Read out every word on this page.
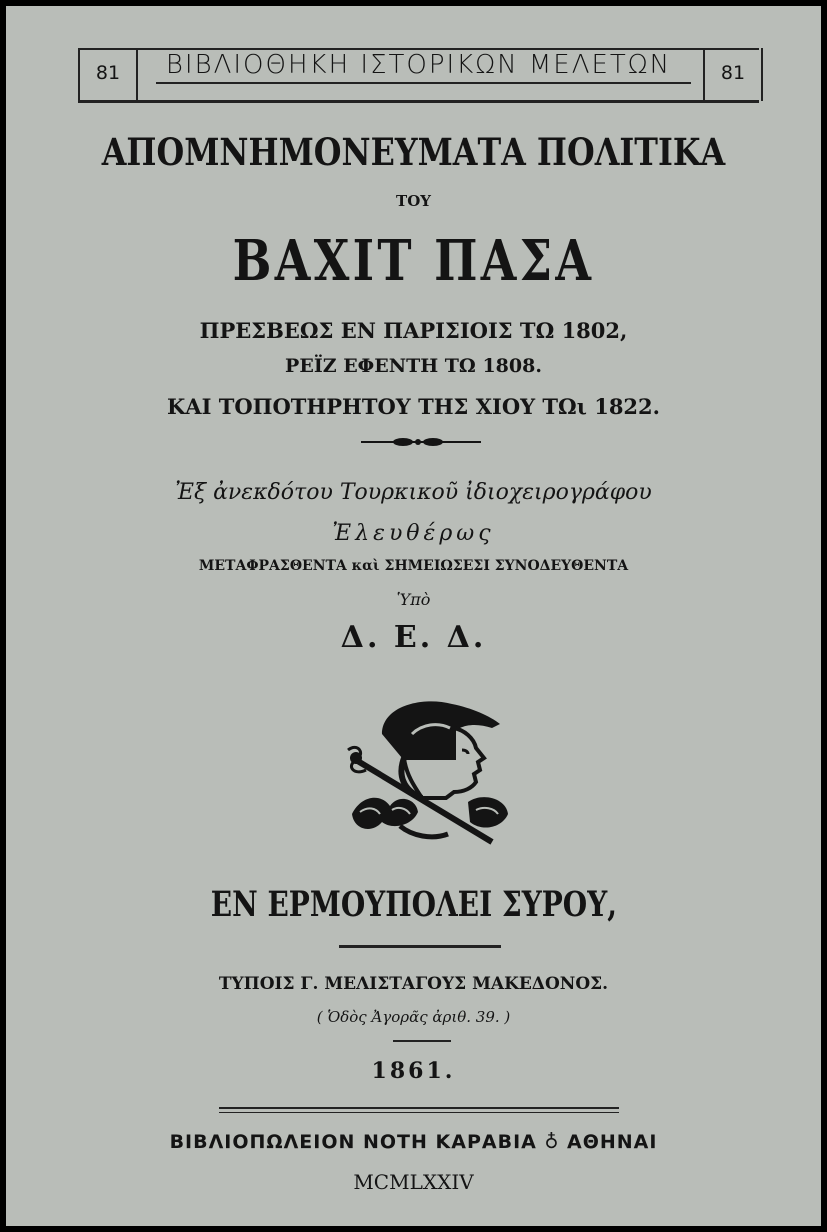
81	ΒΙΒΛΙΟΘΗΚΗ ΙΣΤΟΡΙΚΩΝ ΜΕΛΕΤΩΝ	81
ΑΠΟΜΝΗΜΟΝΕΥΜΑΤΑ ΠΟΛΙΤΙΚΑ
ΤΟΥ
ΒΑΧΙΤ ΠΑΣΑ
ΠΡΕΣΒΕΩΣ ΕΝ ΠΑΡΙΣΙΟΙΣ ΤΩ 1802,
ΡΕΪΖ ΕΦΕΝΤΗ ΤΩ 1808.
ΚΑΙ ΤΟΠΟΤΗΡΗΤΟΥ ΤΗΣ ΧΙΟΥ ΤΩι 1822.
Ἐξ ἀνεκδότου Τουρκικοῦ ἰδιοχειρογράφου
Ἐλευθέρως
ΜΕΤΑΦΡΑΣΘΕΝΤΑ καὶ ΣΗΜΕΙΩΣΕΣΙ ΣΥΝΟΔΕΥΘΕΝΤΑ
Ὑπὸ
Δ. Ε. Δ.
ΕΝ ΕΡΜΟΥΠΟΛΕΙ ΣΥΡΟΥ,
ΤΥΠΟΙΣ Γ. ΜΕΛΙΣΤΑΓΟΥΣ ΜΑΚΕΔΟΝΟΣ.
( Ὁδὸς Ἀγορᾶς ἀριθ. 39. )
1861.
ΒΙΒΛΙΟΠΩΛΕΙΟΝ ΝΟΤΗ ΚΑΡΑΒΙΑ ♁ ΑΘΗΝΑΙ
MCMLXXIV
